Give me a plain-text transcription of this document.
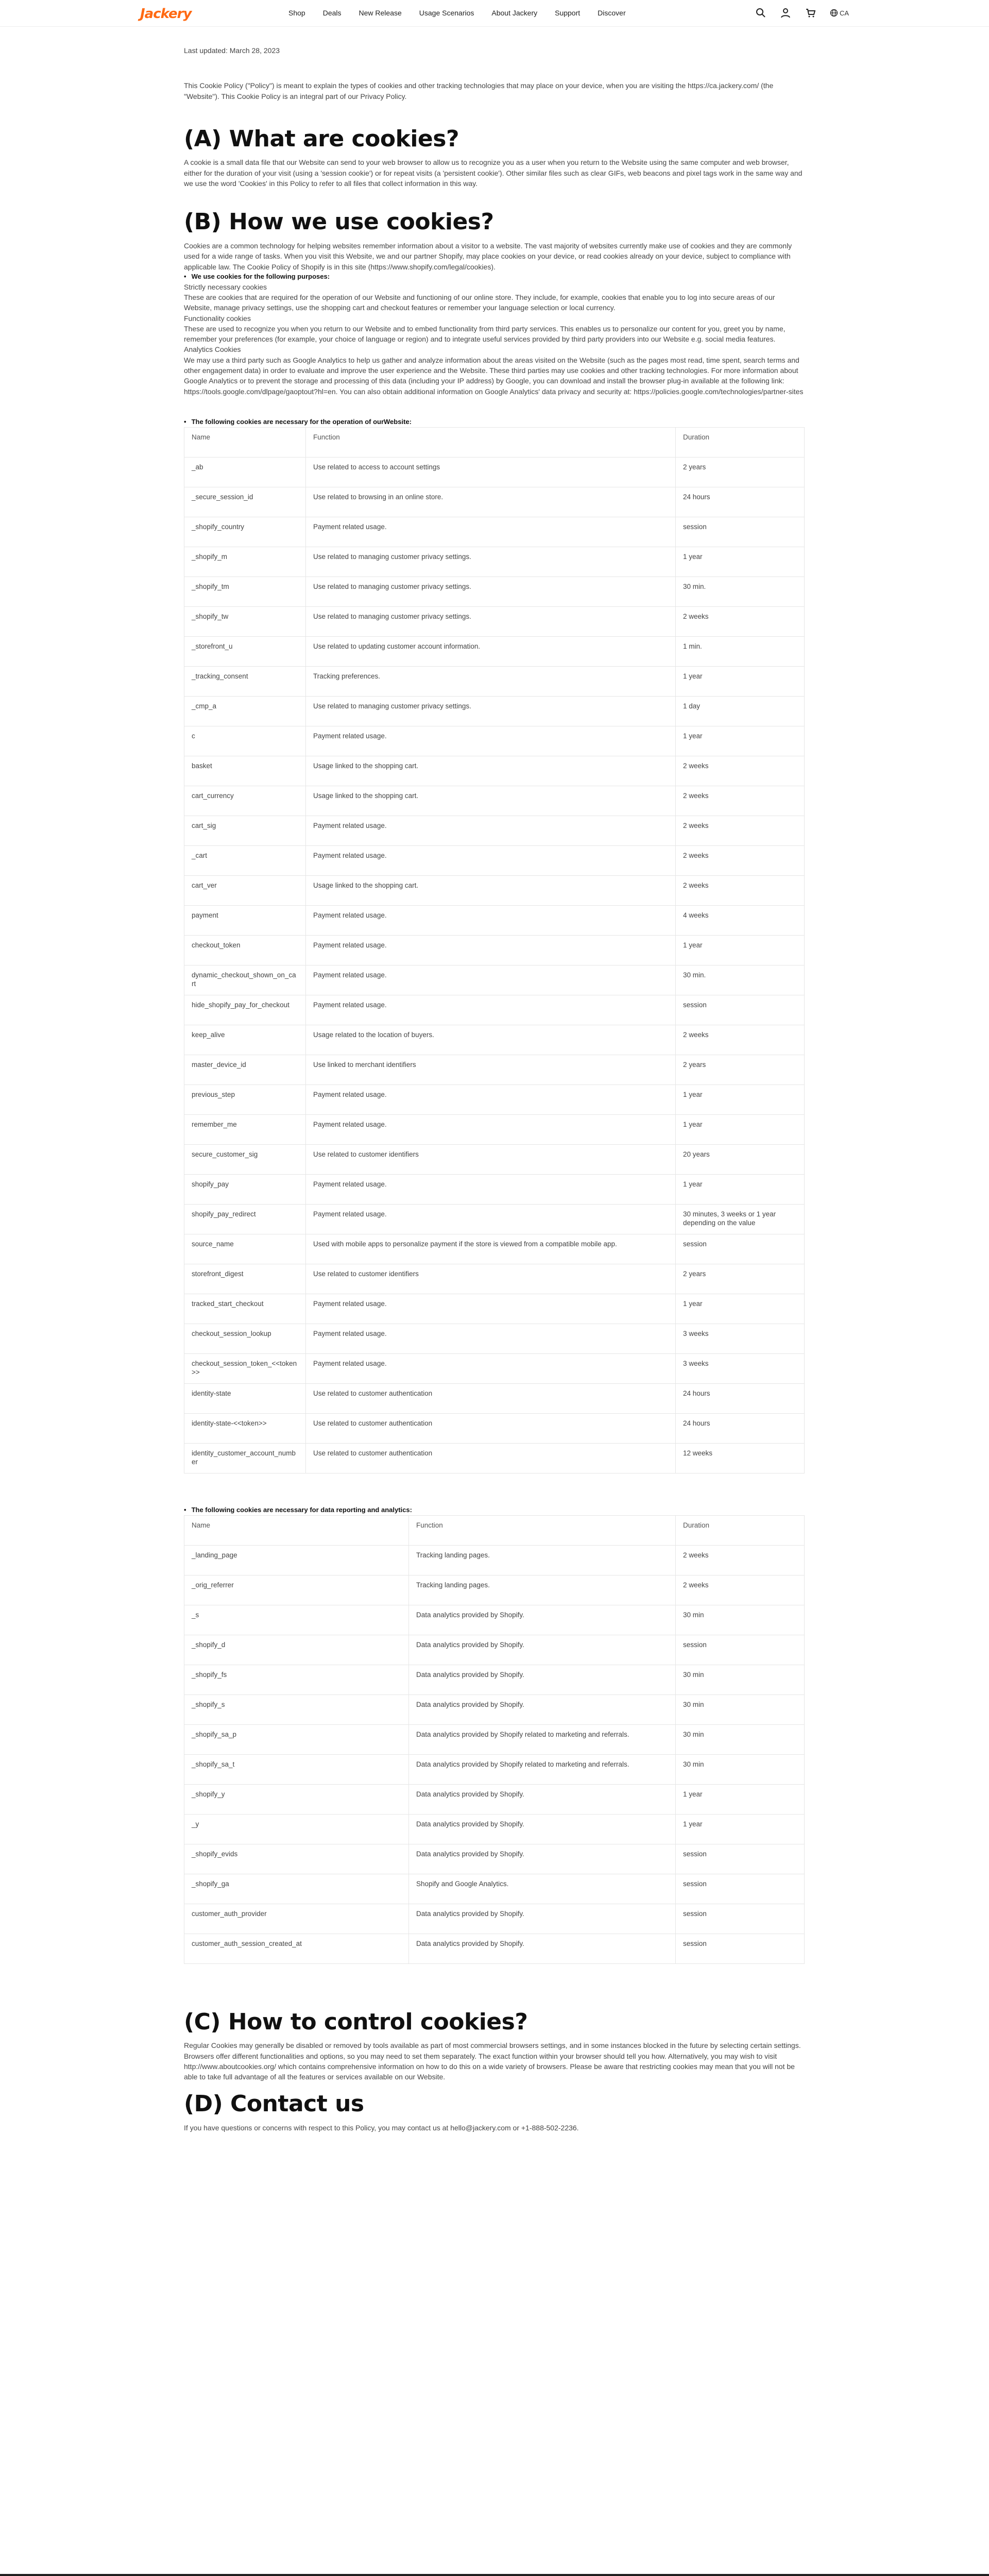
Jackery	Shop Deals New Release Usage Scenarios About Jackery Support Discover	CA

Last updated: March 28, 2023

This Cookie Policy ("Policy") is meant to explain the types of cookies and other tracking technologies that may place on your device, when you are visiting the https://ca.jackery.com/ (the "Website"). This Cookie Policy is an integral part of our Privacy Policy.

(A) What are cookies?

A cookie is a small data file that our Website can send to your web browser to allow us to recognize you as a user when you return to the Website using the same computer and web browser, either for the duration of your visit (using a 'session cookie') or for repeat visits (a 'persistent cookie'). Other similar files such as clear GIFs, web beacons and pixel tags work in the same way and we use the word 'Cookies' in this Policy to refer to all files that collect information in this way.

(B) How we use cookies?

Cookies are a common technology for helping websites remember information about a visitor to a website. The vast majority of websites currently make use of cookies and they are commonly used for a wide range of tasks. When you visit this Website, we and our partner Shopify, may place cookies on your device, or read cookies already on your device, subject to compliance with applicable law. The Cookie Policy of Shopify is in this site (https://www.shopify.com/legal/cookies).

• We use cookies for the following purposes:

Strictly necessary cookies

These are cookies that are required for the operation of our Website and functioning of our online store. They include, for example, cookies that enable you to log into secure areas of our Website, manage privacy settings, use the shopping cart and checkout features or remember your language selection or local currency.

Functionality cookies

These are used to recognize you when you return to our Website and to embed functionality from third party services. This enables us to personalize our content for you, greet you by name, remember your preferences (for example, your choice of language or region) and to integrate useful services provided by third party providers into our Website e.g. social media features.

Analytics Cookies

We may use a third party such as Google Analytics to help us gather and analyze information about the areas visited on the Website (such as the pages most read, time spent, search terms and other engagement data) in order to evaluate and improve the user experience and the Website. These third parties may use cookies and other tracking technologies. For more information about Google Analytics or to prevent the storage and processing of this data (including your IP address) by Google, you can download and install the browser plug-in available at the following link: https://tools.google.com/dlpage/gaoptout?hl=en. You can also obtain additional information on Google Analytics' data privacy and security at: https://policies.google.com/technologies/partner-sites

• The following cookies are necessary for the operation of ourWebsite:

Name	Function	Duration
_ab	Use related to access to account settings	2 years
_secure_session_id	Use related to browsing in an online store.	24 hours
_shopify_country	Payment related usage.	session
_shopify_m	Use related to managing customer privacy settings.	1 year
_shopify_tm	Use related to managing customer privacy settings.	30 min.
_shopify_tw	Use related to managing customer privacy settings.	2 weeks
_storefront_u	Use related to updating customer account information.	1 min.
_tracking_consent	Tracking preferences.	1 year
_cmp_a	Use related to managing customer privacy settings.	1 day
c	Payment related usage.	1 year
basket	Usage linked to the shopping cart.	2 weeks
cart_currency	Usage linked to the shopping cart.	2 weeks
cart_sig	Payment related usage.	2 weeks
_cart	Payment related usage.	2 weeks
cart_ver	Usage linked to the shopping cart.	2 weeks
payment	Payment related usage.	4 weeks
checkout_token	Payment related usage.	1 year
dynamic_checkout_shown_on_cart	Payment related usage.	30 min.
hide_shopify_pay_for_checkout	Payment related usage.	session
keep_alive	Usage related to the location of buyers.	2 weeks
master_device_id	Use linked to merchant identifiers	2 years
previous_step	Payment related usage.	1 year
remember_me	Payment related usage.	1 year
secure_customer_sig	Use related to customer identifiers	20 years
shopify_pay	Payment related usage.	1 year
shopify_pay_redirect	Payment related usage.	30 minutes, 3 weeks or 1 year depending on the value
source_name	Used with mobile apps to personalize payment if the store is viewed from a compatible mobile app.	session
storefront_digest	Use related to customer identifiers	2 years
tracked_start_checkout	Payment related usage.	1 year
checkout_session_lookup	Payment related usage.	3 weeks
checkout_session_token_<<token>>	Payment related usage.	3 weeks
identity-state	Use related to customer authentication	24 hours
identity-state-<<token>>	Use related to customer authentication	24 hours
identity_customer_account_number	Use related to customer authentication	12 weeks

• The following cookies are necessary for data reporting and analytics:

Name	Function	Duration
_landing_page	Tracking landing pages.	2 weeks
_orig_referrer	Tracking landing pages.	2 weeks
_s	Data analytics provided by Shopify.	30 min
_shopify_d	Data analytics provided by Shopify.	session
_shopify_fs	Data analytics provided by Shopify.	30 min
_shopify_s	Data analytics provided by Shopify.	30 min
_shopify_sa_p	Data analytics provided by Shopify related to marketing and referrals.	30 min
_shopify_sa_t	Data analytics provided by Shopify related to marketing and referrals.	30 min
_shopify_y	Data analytics provided by Shopify.	1 year
_y	Data analytics provided by Shopify.	1 year
_shopify_evids	Data analytics provided by Shopify.	session
_shopify_ga	Shopify and Google Analytics.	session
customer_auth_provider	Data analytics provided by Shopify.	session
customer_auth_session_created_at	Data analytics provided by Shopify.	session
(C) How to control cookies?

Regular Cookies may generally be disabled or removed by tools available as part of most commercial browsers settings, and in some instances blocked in the future by selecting certain settings. Browsers offer different functionalities and options, so you may need to set them separately. The exact function within your browser should tell you how. Alternatively, you may wish to visit http://www.aboutcookies.org/ which contains comprehensive information on how to do this on a wide variety of browsers. Please be aware that restricting cookies may mean that you will not be able to take full advantage of all the features or services available on our Website.

(D) Contact us

If you have questions or concerns with respect to this Policy, you may contact us at hello@jackery.com or +1-888-502-2236.
